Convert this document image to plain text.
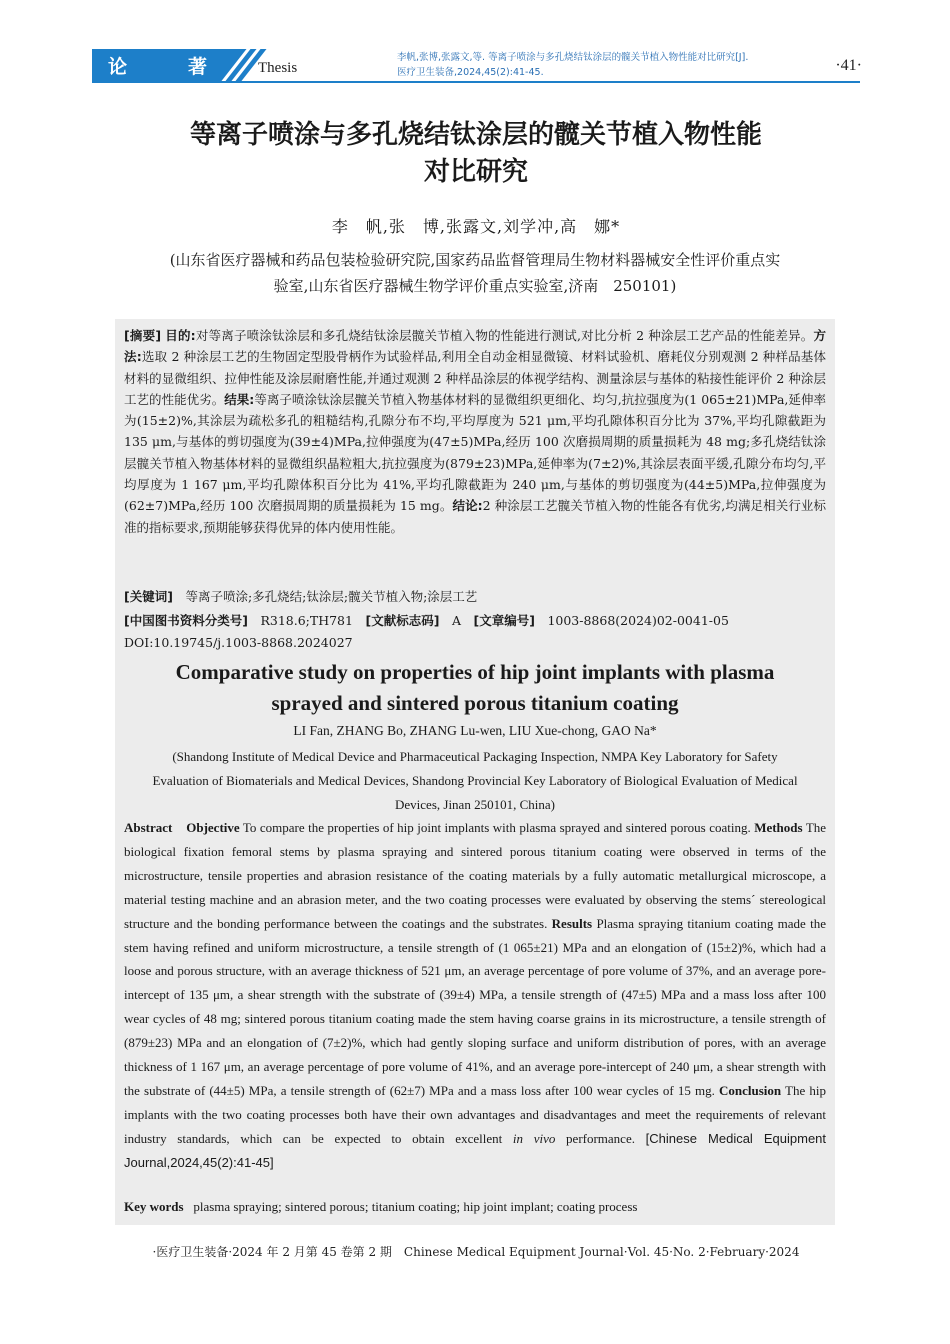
论	著	Thesis
李帆,张博,张露文,等. 等离子喷涂与多孔烧结钛涂层的髋关节植入物性能对比研究[J].
医疗卫生装备,2024,45(2):41-45.	·41·
等离子喷涂与多孔烧结钛涂层的髋关节植入物性能
对比研究
李　帆,张　博,张露文,刘学冲,高　娜*
(山东省医疗器械和药品包装检验研究院,国家药品监督管理局生物材料器械安全性评价重点实
验室,山东省医疗器械生物学评价重点实验室,济南　250101)
[摘要] 目的:对等离子喷涂钛涂层和多孔烧结钛涂层髋关节植入物的性能进行测试,对比分析 2 种涂层工艺产品的性能差异。方法:选取 2 种涂层工艺的生物固定型股骨柄作为试验样品,利用全自动金相显微镜、材料试验机、磨耗仪分别观测 2 种样品基体材料的显微组织、拉伸性能及涂层耐磨性能,并通过观测 2 种样品涂层的体视学结构、测量涂层与基体的粘接性能评价 2 种涂层工艺的性能优劣。结果:等离子喷涂钛涂层髋关节植入物基体材料的显微组织更细化、均匀,抗拉强度为(1 065±21)MPa,延伸率为(15±2)%,其涂层为疏松多孔的粗糙结构,孔隙分布不均,平均厚度为 521 μm,平均孔隙体积百分比为 37%,平均孔隙截距为 135 μm,与基体的剪切强度为(39±4)MPa,拉伸强度为(47±5)MPa,经历 100 次磨损周期的质量损耗为 48 mg;多孔烧结钛涂层髋关节植入物基体材料的显微组织晶粒粗大,抗拉强度为(879±23)MPa,延伸率为(7±2)%,其涂层表面平缓,孔隙分布均匀,平均厚度为 1 167 μm,平均孔隙体积百分比为 41%,平均孔隙截距为 240 μm,与基体的剪切强度为(44±5)MPa,拉伸强度为(62±7)MPa,经历 100 次磨损周期的质量损耗为 15 mg。结论:2 种涂层工艺髋关节植入物的性能各有优劣,均满足相关行业标准的指标要求,预期能够获得优异的体内使用性能。
[关键词]　 等离子喷涂;多孔烧结;钛涂层;髋关节植入物;涂层工艺
[中国图书资料分类号]　 R318.6;TH781　 [文献标志码]　 A　 [文章编号]　 1003-8868(2024)02-0041-05
DOI:10.19745/j.1003-8868.2024027
Comparative study on properties of hip joint implants with plasma
sprayed and sintered porous titanium coating
LI Fan, ZHANG Bo, ZHANG Lu-wen, LIU Xue-chong, GAO Na*
(Shandong Institute of Medical Device and Pharmaceutical Packaging Inspection, NMPA Key Laboratory for Safety
Evaluation of Biomaterials and Medical Devices, Shandong Provincial Key Laboratory of Biological Evaluation of Medical
Devices, Jinan 250101, China)
Abstract Objective To compare the properties of hip joint implants with plasma sprayed and sintered porous coating. Methods The biological fixation femoral stems by plasma spraying and sintered porous titanium coating were observed in terms of the microstructure, tensile properties and abrasion resistance of the coating materials by a fully automatic metallurgical microscope, a material testing machine and an abrasion meter, and the two coating processes were evaluated by observing the stems´ stereological structure and the bonding performance between the coatings and the substrates. Results Plasma spraying titanium coating made the stem having refined and uniform microstructure, a tensile strength of (1 065±21) MPa and an elongation of (15±2)%, which had a loose and porous structure, with an average thickness of 521 μm, an average percentage of pore volume of 37%, and an average pore-intercept of 135 μm, a shear strength with the substrate of (39±4) MPa, a tensile strength of (47±5) MPa and a mass loss after 100 wear cycles of 48 mg; sintered porous titanium coating made the stem having coarse grains in its microstructure, a tensile strength of (879±23) MPa and an elongation of (7±2)%, which had gently sloping surface and uniform distribution of pores, with an average thickness of 1 167 μm, an average percentage of pore volume of 41%, and an average pore-intercept of 240 μm, a shear strength with the substrate of (44±5) MPa, a tensile strength of (62±7) MPa and a mass loss after 100 wear cycles of 15 mg. Conclusion The hip implants with the two coating processes both have their own advantages and disadvantages and meet the requirements of relevant industry standards, which can be expected to obtain excellent in vivo performance. [Chinese Medical Equipment Journal,2024,45(2):41-45]
Key words plasma spraying; sintered porous; titanium coating; hip joint implant; coating process
·医疗卫生装备·2024 年 2 月第 45 卷第 2 期　Chinese Medical Equipment Journal·Vol. 45·No. 2·February·2024
